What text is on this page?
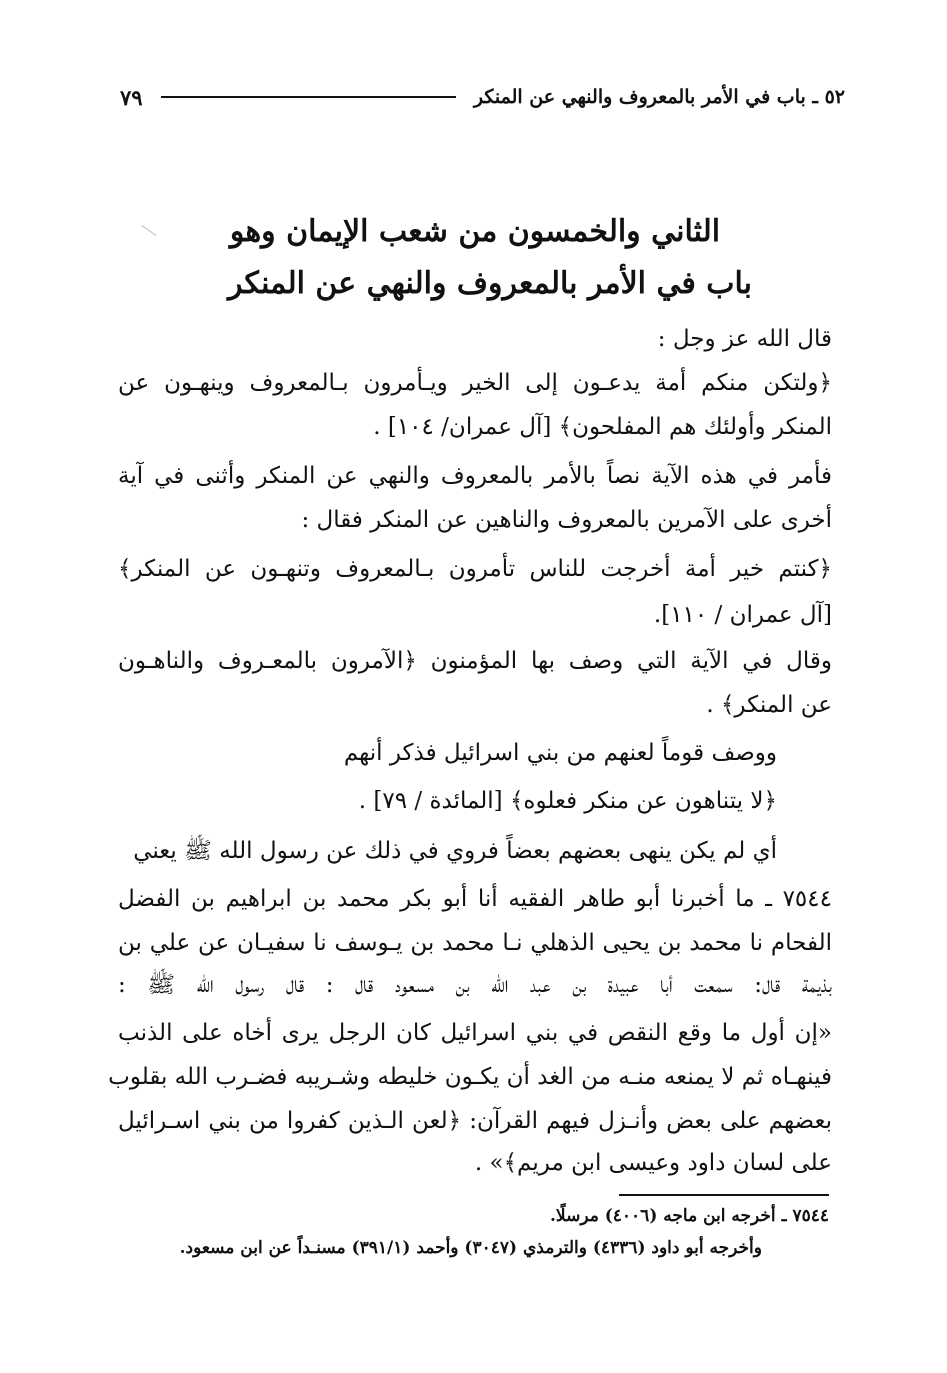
٥٢ ـ باب في الأمر بالمعروف والنهي عن المنكر
٧٩
الثاني والخمسون من شعب الإيمان وهو
باب في الأمر بالمعروف والنهي عن المنكر
قال الله عز وجل :
﴿ولتكن منكم أمة يدعـون إلى الخير ويـأمرون بـالمعروف وينهـون عن
المنكر وأولئك هم المفلحون﴾ [آل عمران/ ١٠٤] .
فأمر في هذه الآية نصاً بالأمر بالمعروف والنهي عن المنكر وأثنى في آية
أخرى على الآمرين بالمعروف والناهين عن المنكر فقال :
﴿كنتم خير أمة أخرجت للناس تأمرون بـالمعروف وتنهـون عن المنكر﴾
[آل عمران / ١١٠].
وقال في الآية التي وصف بها المؤمنون ﴿الآمرون بالمعـروف والناهـون
عن المنكر﴾ .
ووصف قوماً لعنهم من بني اسرائيل فذكر أنهم
﴿لا يتناهون عن منكر فعلوه﴾ [المائدة / ٧٩] .
أي لم يكن ينهى بعضهم بعضاً فروي في ذلك عن رسول الله ﷺ يعني
٧٥٤٤ ـ ما أخبرنا أبو طاهر الفقيه أنا أبو بكر محمد بن ابراهيم بن الفضل
الفحام نا محمد بن يحيى الذهلي نـا محمد بن يـوسف نا سفيـان عن علي بن
بذيمة قال: سمعت أبا عبيدة بن عبد الله بن مسعود قال : قال رسول الله ﷺ :
«إن أول ما وقع النقص في بني اسرائيل كان الرجل يرى أخاه على الذنب
فينهـاه ثم لا يمنعه منـه من الغد أن يكـون خليطه وشـريبه فضـرب الله بقلوب
بعضهم على بعض وأنـزل فيهم القرآن: ﴿لعن الـذين كفروا من بني اسـرائيل
على لسان داود وعيسى ابن مريم﴾» .
٧٥٤٤ ـ أخرجه ابن ماجه (٤٠٠٦) مرسلًا.
وأخرجه أبو داود (٤٣٣٦) والترمذي (٣٠٤٧) وأحمد (٣٩١/١) مسنـداً عن ابن مسعود.
